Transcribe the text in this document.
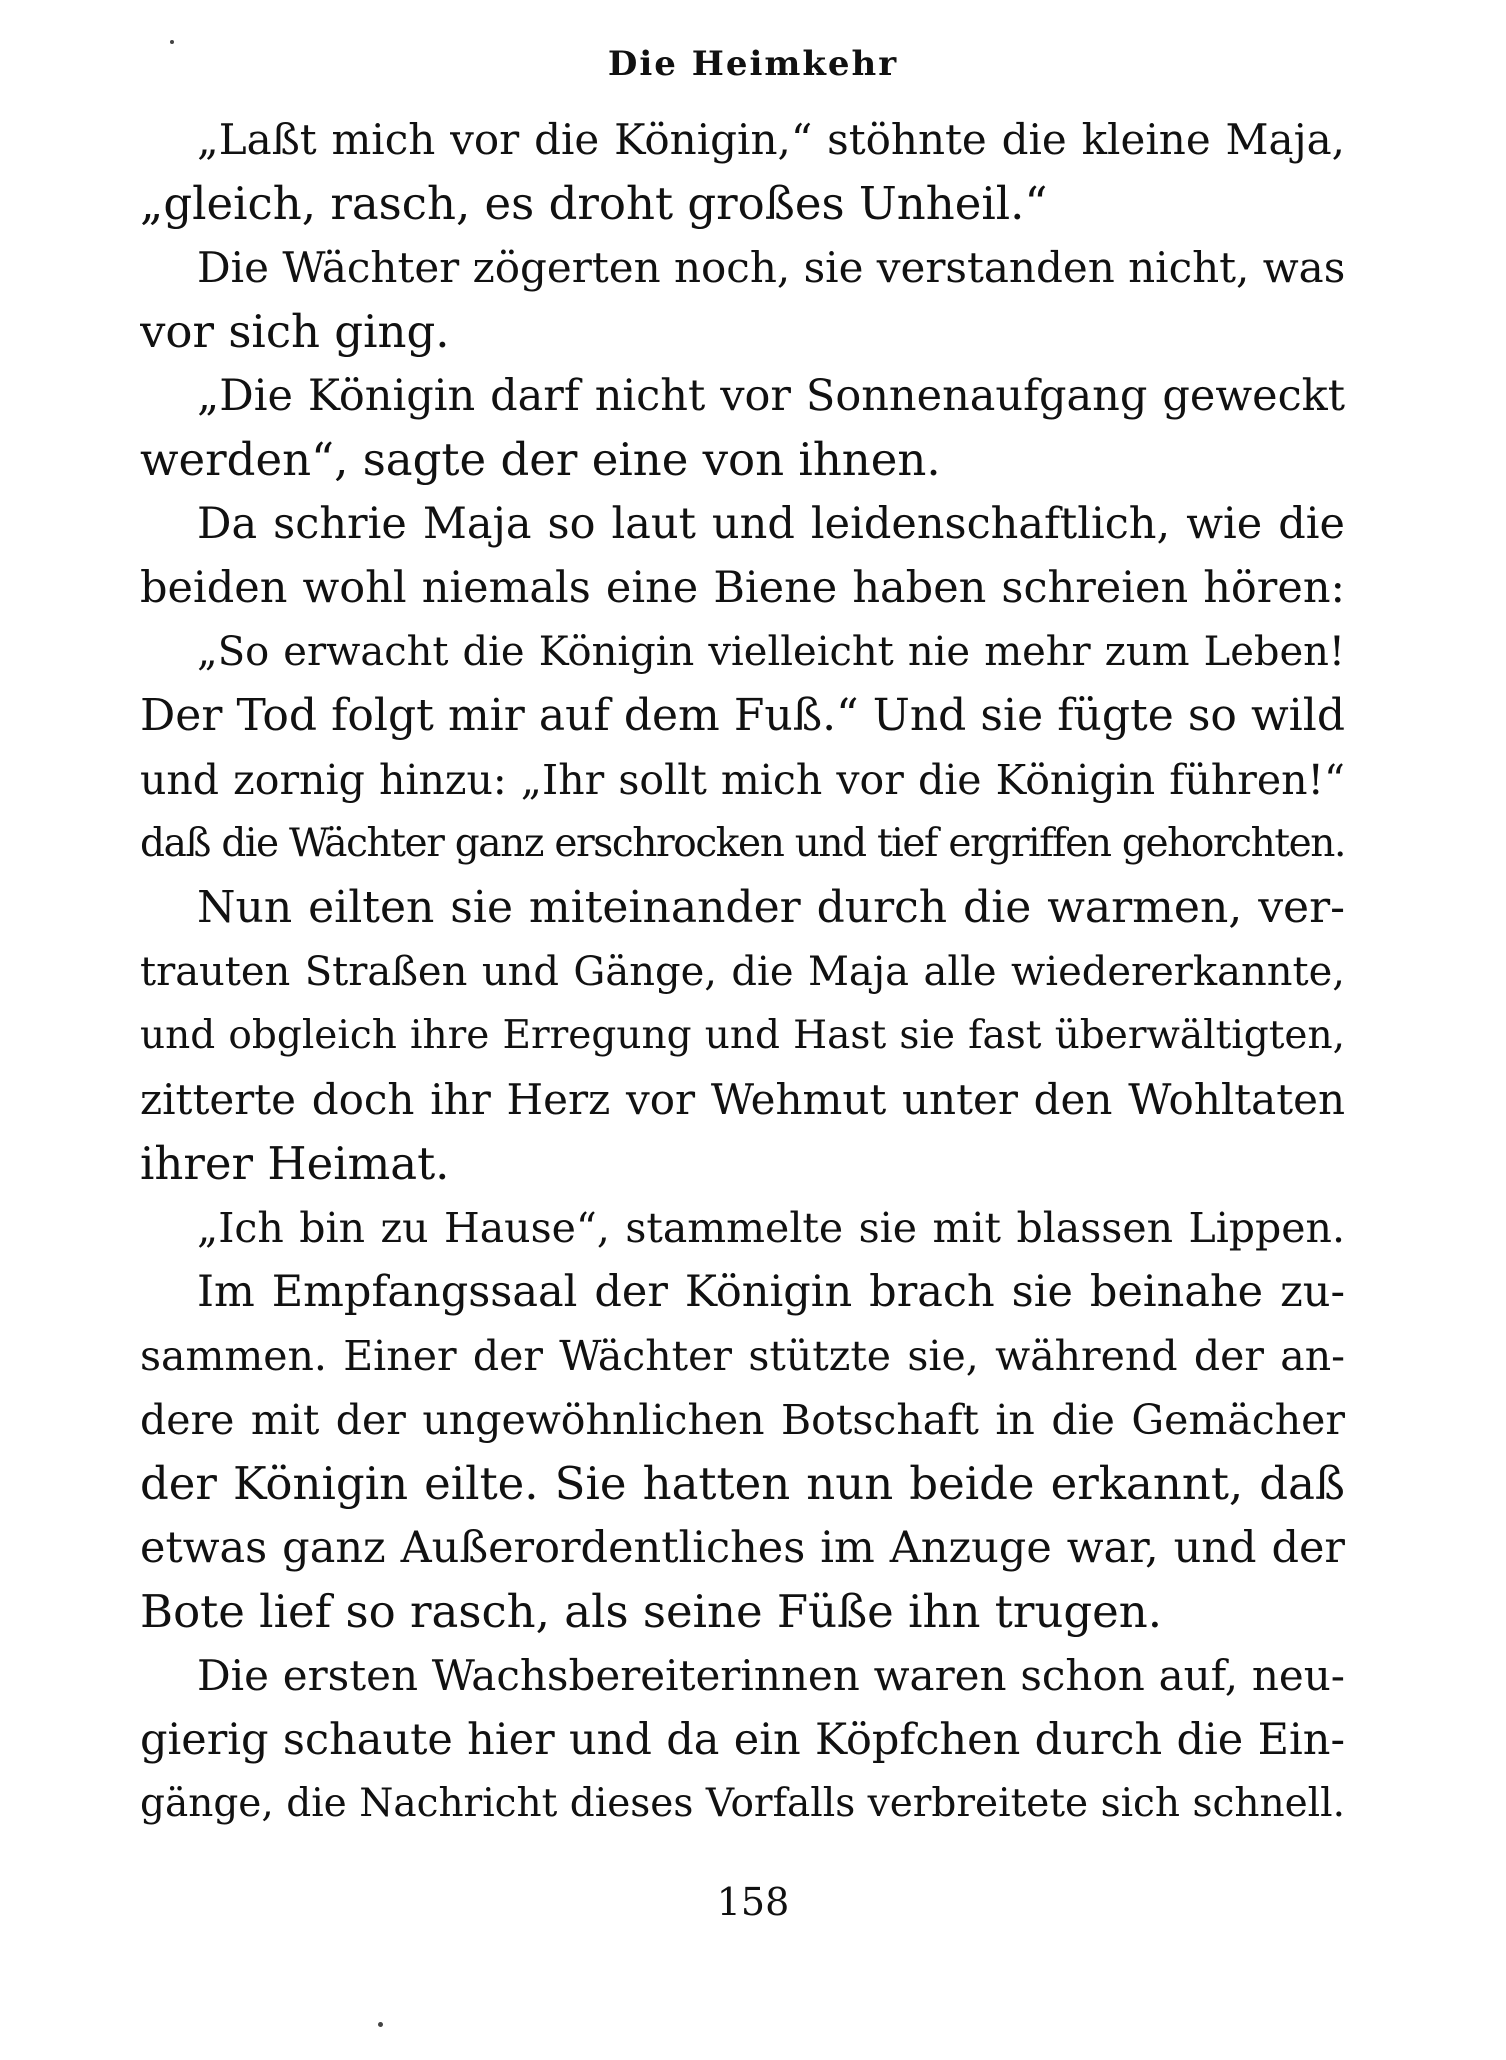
Die Heimkehr
„Laßt mich vor die Königin,“ stöhnte die kleine Maja,
„gleich, rasch, es droht großes Unheil.“
Die Wächter zögerten noch, sie verstanden nicht, was
vor sich ging.
„Die Königin darf nicht vor Sonnenaufgang geweckt
werden“, sagte der eine von ihnen.
Da schrie Maja so laut und leidenschaftlich, wie die
beiden wohl niemals eine Biene haben schreien hören:
„So erwacht die Königin vielleicht nie mehr zum Leben!
Der Tod folgt mir auf dem Fuß.“ Und sie fügte so wild
und zornig hinzu: „Ihr sollt mich vor die Königin führen!“
daß die Wächter ganz erschrocken und tief ergriffen gehorchten.
Nun eilten sie miteinander durch die warmen, ver-
trauten Straßen und Gänge, die Maja alle wiedererkannte,
und obgleich ihre Erregung und Hast sie fast überwältigten,
zitterte doch ihr Herz vor Wehmut unter den Wohltaten
ihrer Heimat.
„Ich bin zu Hause“, stammelte sie mit blassen Lippen.
Im Empfangssaal der Königin brach sie beinahe zu-
sammen. Einer der Wächter stützte sie, während der an-
dere mit der ungewöhnlichen Botschaft in die Gemächer
der Königin eilte. Sie hatten nun beide erkannt, daß
etwas ganz Außerordentliches im Anzuge war, und der
Bote lief so rasch, als seine Füße ihn trugen.
Die ersten Wachsbereiterinnen waren schon auf, neu-
gierig schaute hier und da ein Köpfchen durch die Ein-
gänge, die Nachricht dieses Vorfalls verbreitete sich schnell.
158
